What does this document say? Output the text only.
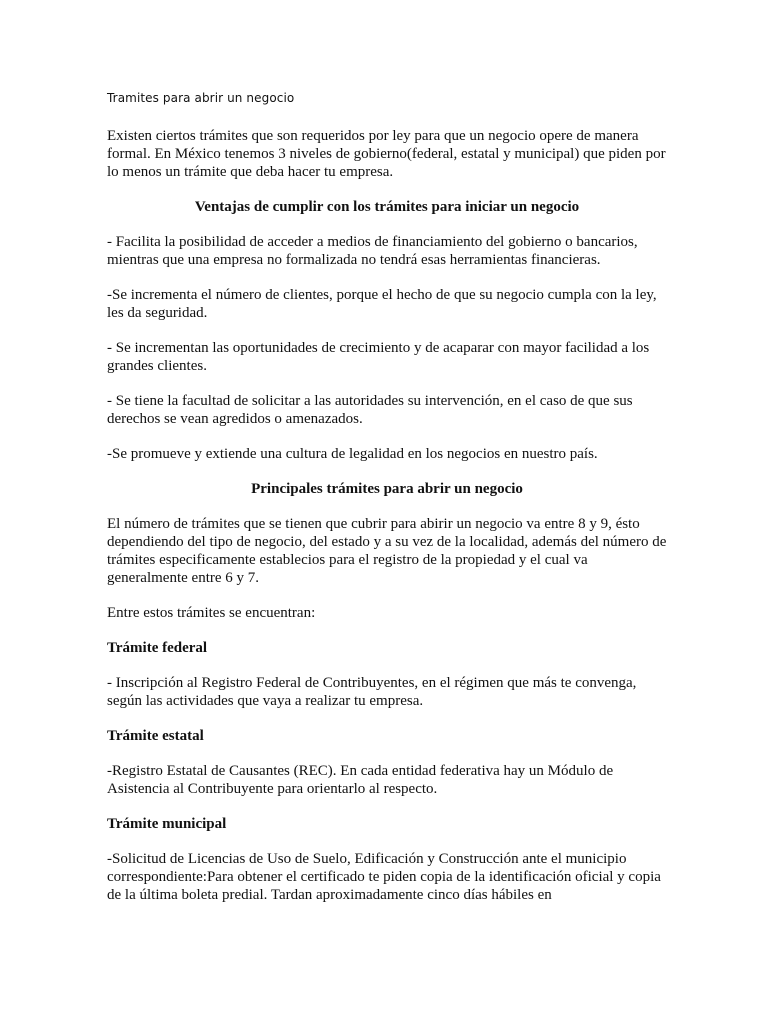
Tramites para abrir un negocio

Existen ciertos trámites que son requeridos por ley para que un negocio opere de manera formal. En México tenemos 3 niveles de gobierno(federal, estatal y municipal) que piden por lo menos un trámite que deba hacer tu empresa.

Ventajas de cumplir con los trámites para iniciar un negocio

- Facilita la posibilidad de acceder a medios de financiamiento del gobierno o bancarios, mientras que una empresa no formalizada no tendrá esas herramientas financieras.

-Se incrementa el número de clientes, porque el hecho de que su negocio cumpla con la ley, les da seguridad.

- Se incrementan las oportunidades de crecimiento y de acaparar con mayor facilidad a los grandes clientes.

- Se tiene la facultad de solicitar a las autoridades su intervención, en el caso de que sus derechos se vean agredidos o amenazados.

-Se promueve y extiende una cultura de legalidad en los negocios en nuestro país.

Principales trámites para abrir un negocio

El número de trámites que se tienen que cubrir para abirir un negocio va entre 8 y 9, ésto dependiendo del tipo de negocio, del estado y a su vez de la localidad, además del número de trámites especificamente establecios para el registro de la propiedad y el cual va generalmente entre 6 y 7.

Entre estos trámites se encuentran:

Trámite federal

- Inscripción al Registro Federal de Contribuyentes, en el régimen que más te convenga, según las actividades que vaya a realizar tu empresa.

Trámite estatal

-Registro Estatal de Causantes (REC). En cada entidad federativa hay un Módulo de Asistencia al Contribuyente para orientarlo al respecto.

Trámite municipal

-Solicitud de Licencias de Uso de Suelo, Edificación y Construcción ante el municipio correspondiente:Para obtener el certificado te piden copia de la identificación oficial y copia de la última boleta predial. Tardan aproximadamente cinco días hábiles en
